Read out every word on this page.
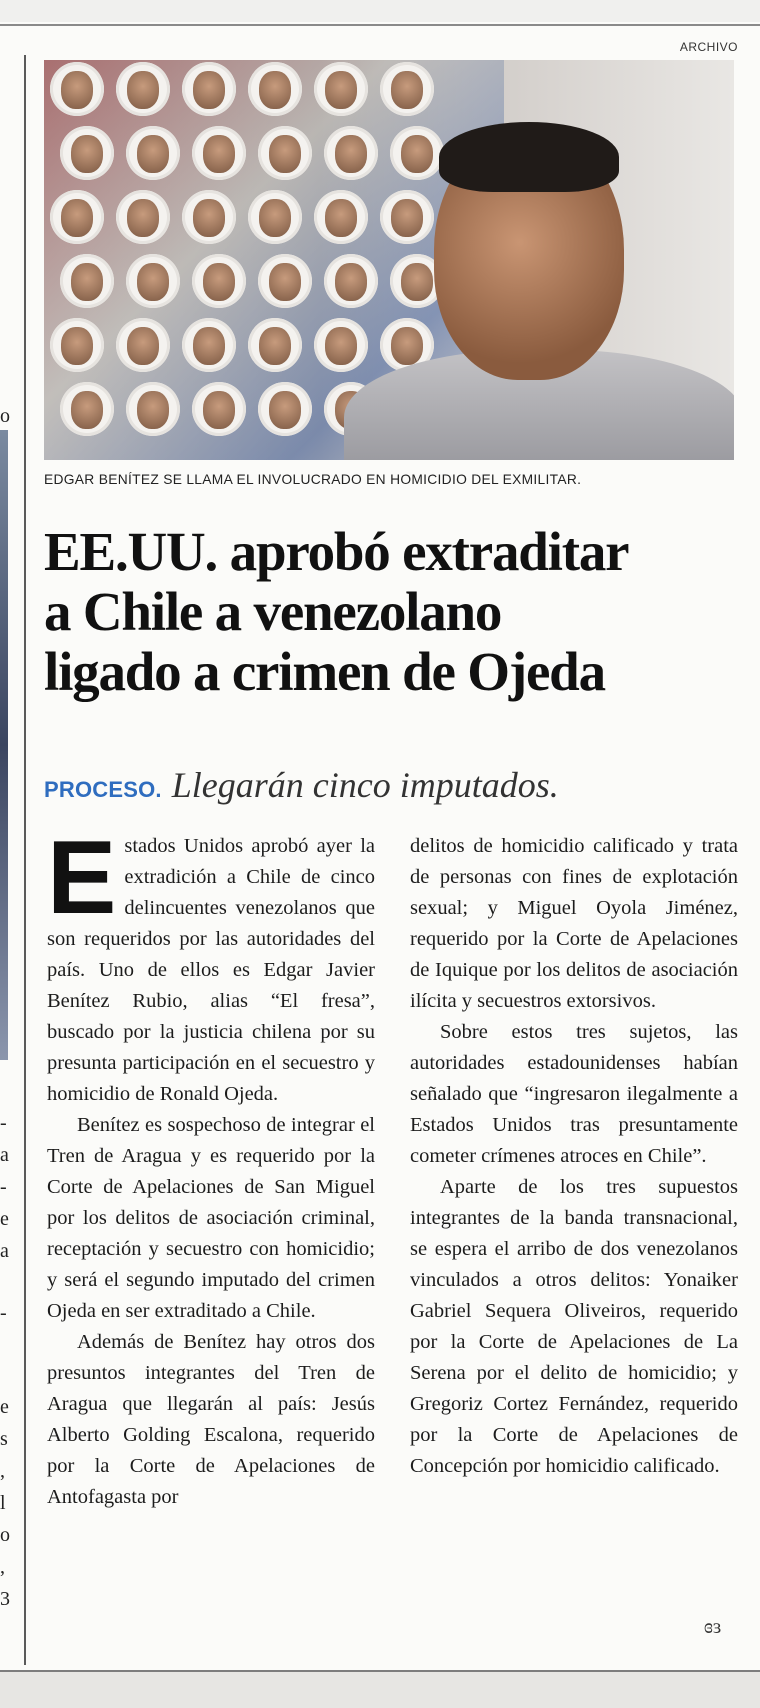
o
-
a
-
e
a
-
e
s
,
l
o
,
3
ARCHIVO
EDGAR BENÍTEZ SE LLAMA EL INVOLUCRADO EN HOMICIDIO DEL EXMILITAR.
EE.UU. aprobó extraditar
a Chile a venezolano
ligado a crimen de Ojeda
PROCESO. Llegarán cinco imputados.

Estados Unidos aprobó ayer la extradición a Chile de cinco delincuentes venezolanos que son requeridos por las autoridades del país. Uno de ellos es Edgar Javier Benítez Rubio, alias “El fresa”, buscado por la justicia chilena por su presunta participación en el secuestro y homicidio de Ronald Ojeda.

Benítez es sospechoso de integrar el Tren de Aragua y es requerido por la Corte de Apelaciones de San Miguel por los delitos de asociación criminal, receptación y secuestro con homicidio; y será el segundo imputado del crimen Ojeda en ser extraditado a Chile.

Además de Benítez hay otros dos presuntos integrantes del Tren de Aragua que llegarán al país: Jesús Alberto Golding Escalona, requerido por la Corte de Apelaciones de Antofagasta por

delitos de homicidio calificado y trata de personas con fines de explotación sexual; y Miguel Oyola Jiménez, requerido por la Corte de Apelaciones de Iquique por los delitos de asociación ilícita y secuestros extorsivos.

Sobre estos tres sujetos, las autoridades estadounidenses habían señalado que “ingresaron ilegalmente a Estados Unidos tras presuntamente cometer crímenes atroces en Chile”.

Aparte de los tres supuestos integrantes de la banda transnacional, se espera el arribo de dos venezolanos vinculados a otros delitos: Yonaiker Gabriel Sequera Oliveiros, requerido por la Corte de Apelaciones de La Serena por el delito de homicidio; y Gregoriz Cortez Fernández, requerido por la Corte de Apelaciones de Concepción por homicidio calificado.

ɞɜ
